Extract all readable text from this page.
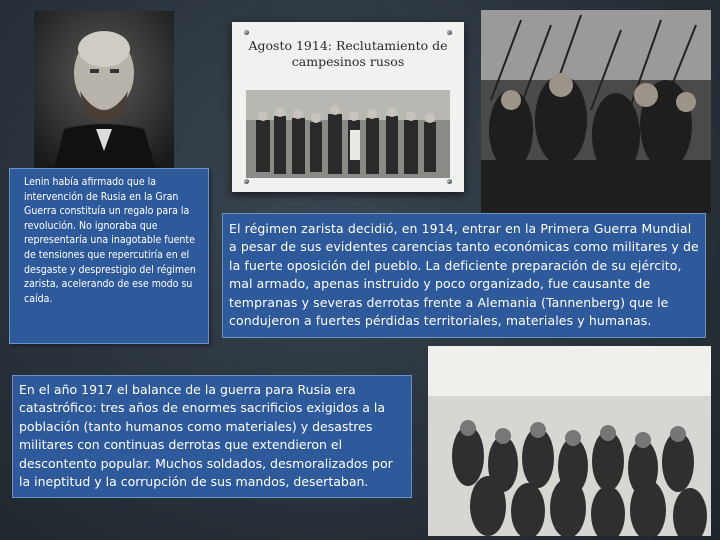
Agosto 1914: Reclutamiento de campesinos rusos
Lenin había afirmado que la intervención de Rusia en la Gran Guerra constituía un regalo para la revolución. No ignoraba que representaría una inagotable fuente de tensiones que repercutiría en el desgaste y desprestigio del régimen zarista, acelerando de ese modo su caída.
El régimen zarista decidió, en 1914, entrar en la Primera Guerra Mundial a pesar de sus evidentes carencias tanto económicas como militares y de la fuerte oposición del pueblo. La deficiente preparación de su ejército, mal armado, apenas instruido y poco organizado, fue causante de tempranas y severas derrotas frente a Alemania (Tannenberg) que le condujeron a fuertes pérdidas territoriales, materiales y humanas.
En el año 1917 el balance de la guerra para Rusia era catastrófico: tres años de enormes sacrificios exigidos a la población (tanto humanos como materiales) y desastres militares con continuas derrotas que extendieron el descontento popular. Muchos soldados, desmoralizados por la ineptitud y la corrupción de sus mandos, desertaban.
